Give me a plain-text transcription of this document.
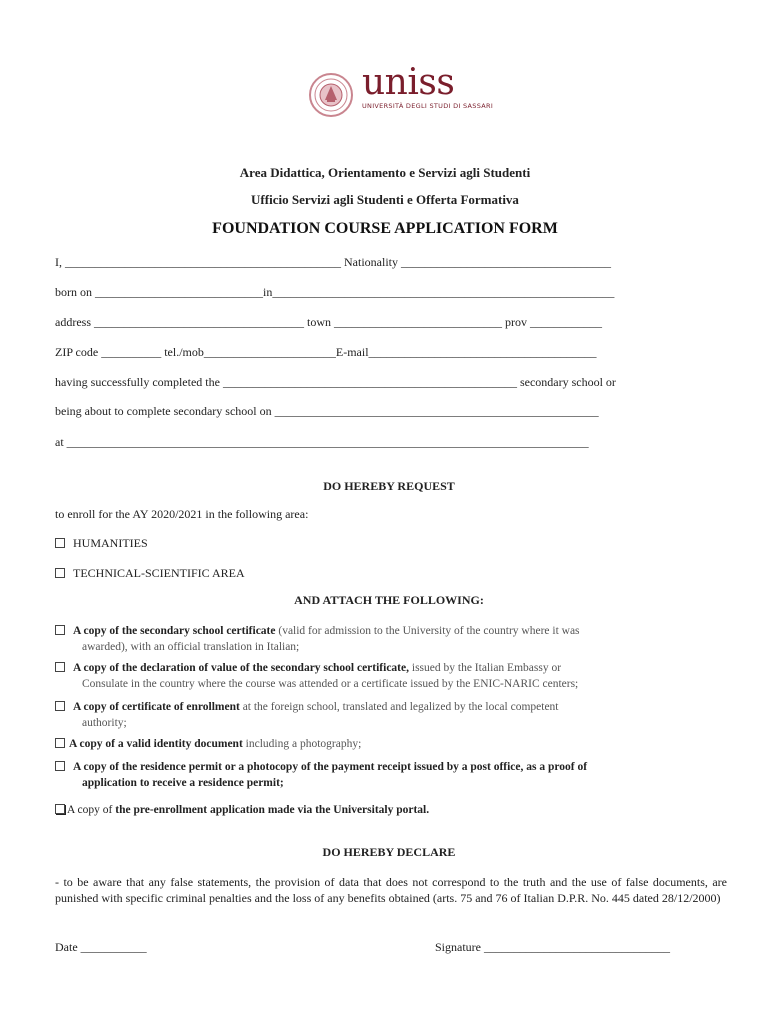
uniss
UNIVERSITÀ DEGLI STUDI DI SASSARI
Area Didattica, Orientamento e Servizi agli Studenti
Ufficio Servizi agli Studenti e Offerta Formativa
FOUNDATION COURSE APPLICATION FORM
I, ______________________________________________ Nationality ___________________________________
born on ____________________________in_________________________________________________________
address ___________________________________ town ____________________________ prov ____________
ZIP code __________ tel./mob______________________E-mail______________________________________
having successfully completed the _________________________________________________ secondary school or
being about to complete secondary school on ______________________________________________________
at _______________________________________________________________________________________
DO HEREBY REQUEST
to enroll for the AY 2020/2021 in the following area:
HUMANITIES
TECHNICAL-SCIENTIFIC AREA
AND ATTACH THE FOLLOWING:
A copy of the secondary school certificate (valid for admission to the University of the country where it was
awarded), with an official translation in Italian;
A copy of the declaration of value of the secondary school certificate, issued by the Italian Embassy or
Consulate in the country where the course was attended or a certificate issued by the ENIC-NARIC centers;
A copy of certificate of enrollment at the foreign school, translated and legalized by the local competent
authority;
A copy of a valid identity document including a photography;
A copy of the residence permit or a photocopy of the payment receipt issued by a post office, as a proof of
application to receive a residence permit;
A copy of the pre-enrollment application made via the Universitaly portal.
DO HEREBY DECLARE
- to be aware that any false statements, the provision of data that does not correspond to the truth and the use of false documents, are punished with specific criminal penalties and the loss of any benefits obtained (arts. 75 and 76 of Italian D.P.R. No. 445 dated 28/12/2000)
Date ___________	Signature _______________________________
